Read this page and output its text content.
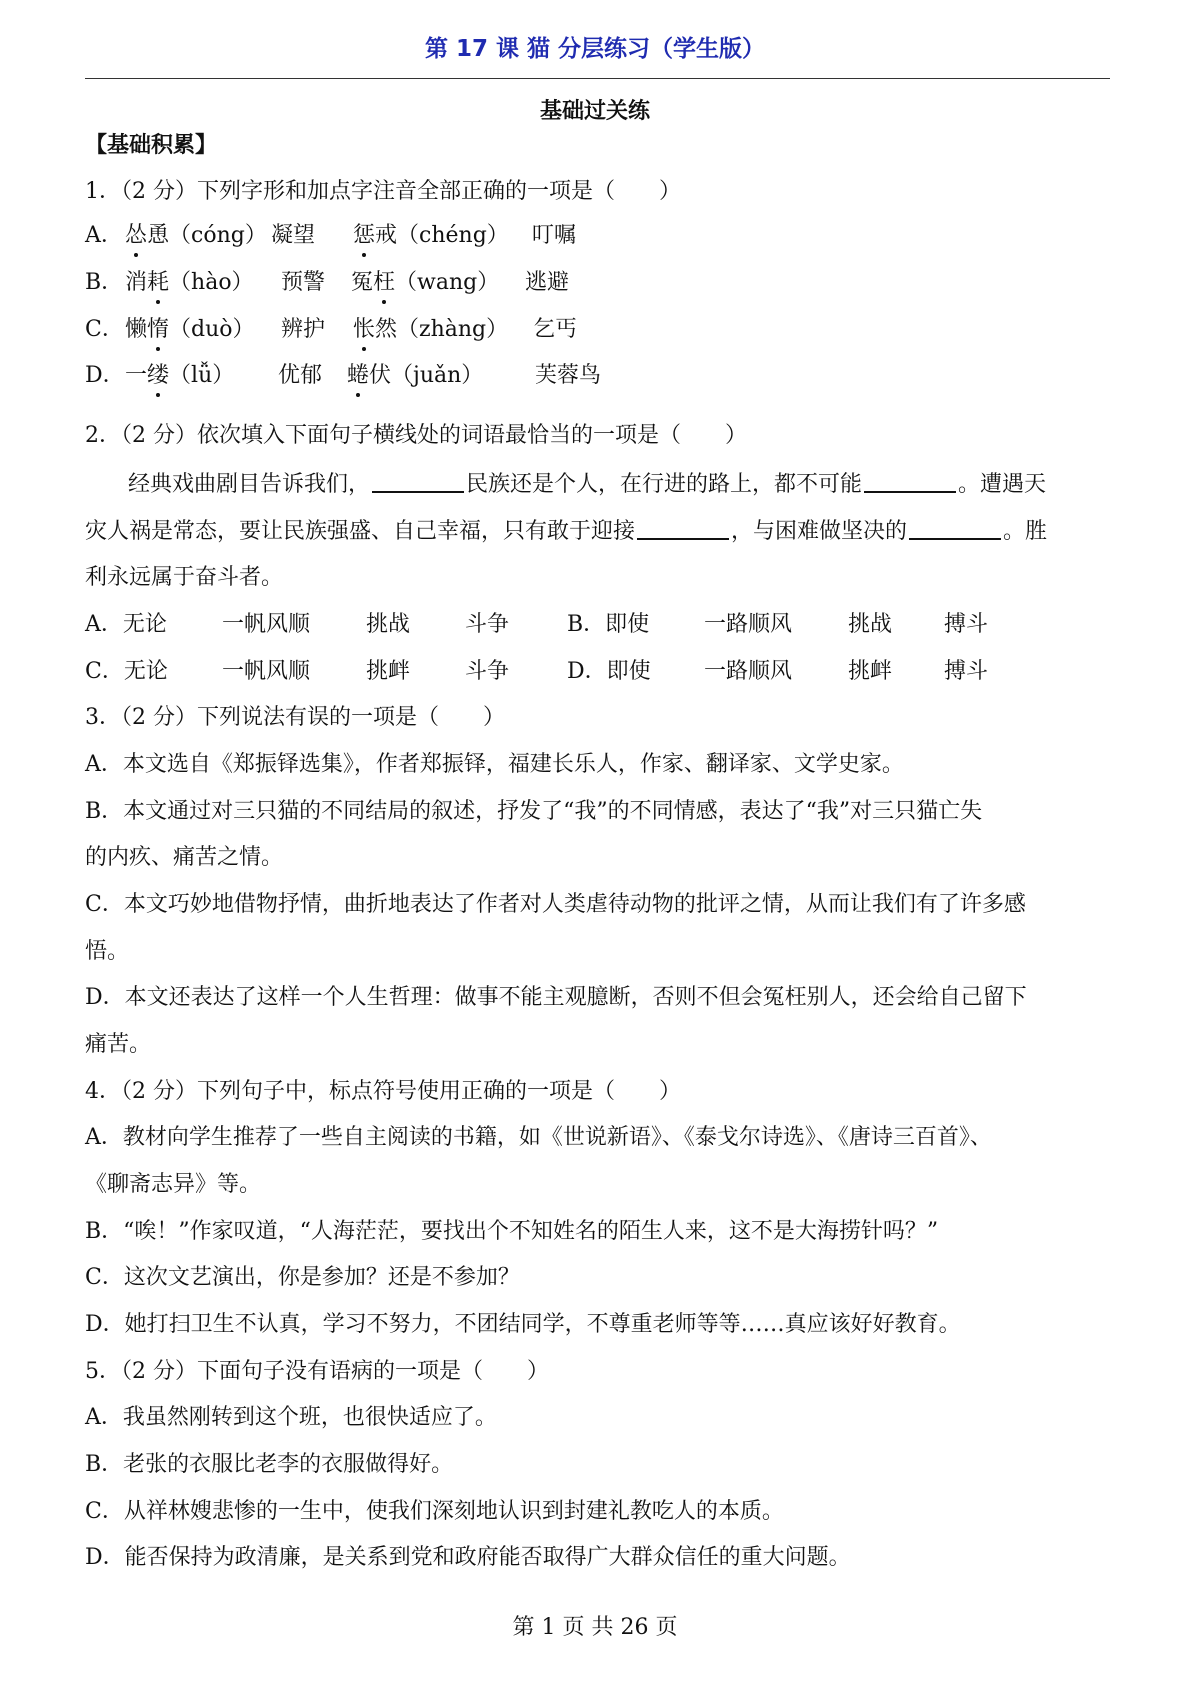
第 17 课 猫 分层练习（学生版）
基础过关练
【基础积累】
1．（2 分）下列字形和加点字注音全部正确的一项是（　　）
A．怂恿（cóng） 凝望 惩戒（chéng） 叮嘱
B．消耗（hào） 预警 冤枉（wang） 逃避
C．懒惰（duò） 辨护 怅然（zhàng） 乞丐
D．一缕（lǚ） 优郁 蜷伏（juǎn） 芙蓉鸟
2．（2 分）依次填入下面句子横线处的词语最恰当的一项是（　　）
经典戏曲剧目告诉我们，	民族还是个人，在行进的路上，都不可能	。遭遇天
灾人祸是常态，要让民族强盛、自己幸福，只有敢于迎接	，与困难做坚决的	。胜
利永远属于奋斗者。
A．无论	一帆风顺	挑战 斗争	B．即使 一路顺风	挑战 搏斗
C．无论 一帆风顺	挑衅 斗争	D．即使 一路顺风	挑衅 搏斗
3．（2 分）下列说法有误的一项是（　　）
A．本文选自《郑振铎选集》，作者郑振铎，福建长乐人，作家、翻译家、文学史家。
B．本文通过对三只猫的不同结局的叙述，抒发了“我”的不同情感，表达了“我”对三只猫亡失
的内疚、痛苦之情。
C．本文巧妙地借物抒情，曲折地表达了作者对人类虐待动物的批评之情，从而让我们有了许多感
悟。
D．本文还表达了这样一个人生哲理：做事不能主观臆断，否则不但会冤枉别人，还会给自己留下
痛苦。
4．（2 分）下列句子中，标点符号使用正确的一项是（　　）
A．教材向学生推荐了一些自主阅读的书籍，如《世说新语》、《泰戈尔诗选》、《唐诗三百首》、
《聊斋志异》等。
B．“唉！”作家叹道，“人海茫茫，要找出个不知姓名的陌生人来，这不是大海捞针吗？”
C．这次文艺演出，你是参加？还是不参加？
D．她打扫卫生不认真，学习不努力，不团结同学，不尊重老师等等……真应该好好教育。
5．（2 分）下面句子没有语病的一项是（　　）
A．我虽然刚转到这个班，也很快适应了。
B．老张的衣服比老李的衣服做得好。
C．从祥林嫂悲惨的一生中，使我们深刻地认识到封建礼教吃人的本质。
D．能否保持为政清廉，是关系到党和政府能否取得广大群众信任的重大问题。
第 1 页 共 26 页
